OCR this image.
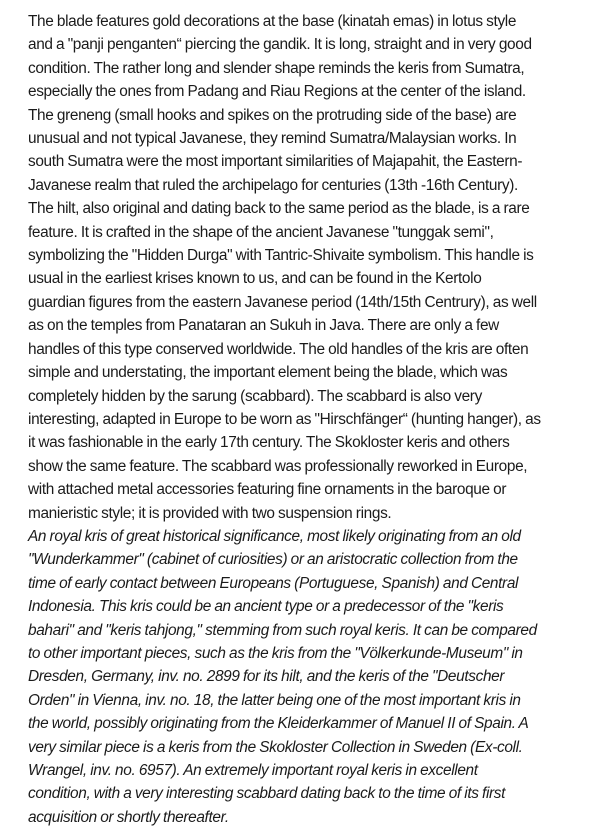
The blade features gold decorations at the base (kinatah emas) in lotus style
and a "panji penganten“ piercing the gandik. It is long, straight and in very good
condition. The rather long and slender shape reminds the keris from Sumatra,
especially the ones from Padang and Riau Regions at the center of the island.
The greneng (small hooks and spikes on the protruding side of the base) are
unusual and not typical Javanese, they remind Sumatra/Malaysian works. In
south Sumatra were the most important similarities of Majapahit, the Eastern-
Javanese realm that ruled the archipelago for centuries (13th -16th Century).
The hilt, also original and dating back to the same period as the blade, is a rare
feature. It is crafted in the shape of the ancient Javanese "tunggak semi",
symbolizing the "Hidden Durga" with Tantric-Shivaite symbolism. This handle is
usual in the earliest krises known to us, and can be found in the Kertolo
guardian figures from the eastern Javanese period (14th/15th Centrury), as well
as on the temples from Panataran an Sukuh in Java. There are only a few
handles of this type conserved worldwide. The old handles of the kris are often
simple and understating, the important element being the blade, which was
completely hidden by the sarung (scabbard). The scabbard is also very
interesting, adapted in Europe to be worn as "Hirschfänger“ (hunting hanger), as
it was fashionable in the early 17th century. The Skokloster keris and others
show the same feature. The scabbard was professionally reworked in Europe,
with attached metal accessories featuring fine ornaments in the baroque or
manieristic style; it is provided with two suspension rings.

An royal kris of great historical significance, most likely originating from an old
"Wunderkammer" (cabinet of curiosities) or an aristocratic collection from the
time of early contact between Europeans (Portuguese, Spanish) and Central
Indonesia. This kris could be an ancient type or a predecessor of the "keris
bahari" and "keris tahjong," stemming from such royal keris. It can be compared
to other important pieces, such as the kris from the "Völkerkunde-Museum" in
Dresden, Germany, inv. no. 2899 for its hilt, and the keris of the "Deutscher
Orden" in Vienna, inv. no. 18, the latter being one of the most important kris in
the world, possibly originating from the Kleiderkammer of Manuel II of Spain. A
very similar piece is a keris from the Skokloster Collection in Sweden (Ex-coll.
Wrangel, inv. no. 6957). An extremely important royal keris in excellent
condition, with a very interesting scabbard dating back to the time of its first
acquisition or shortly thereafter.
